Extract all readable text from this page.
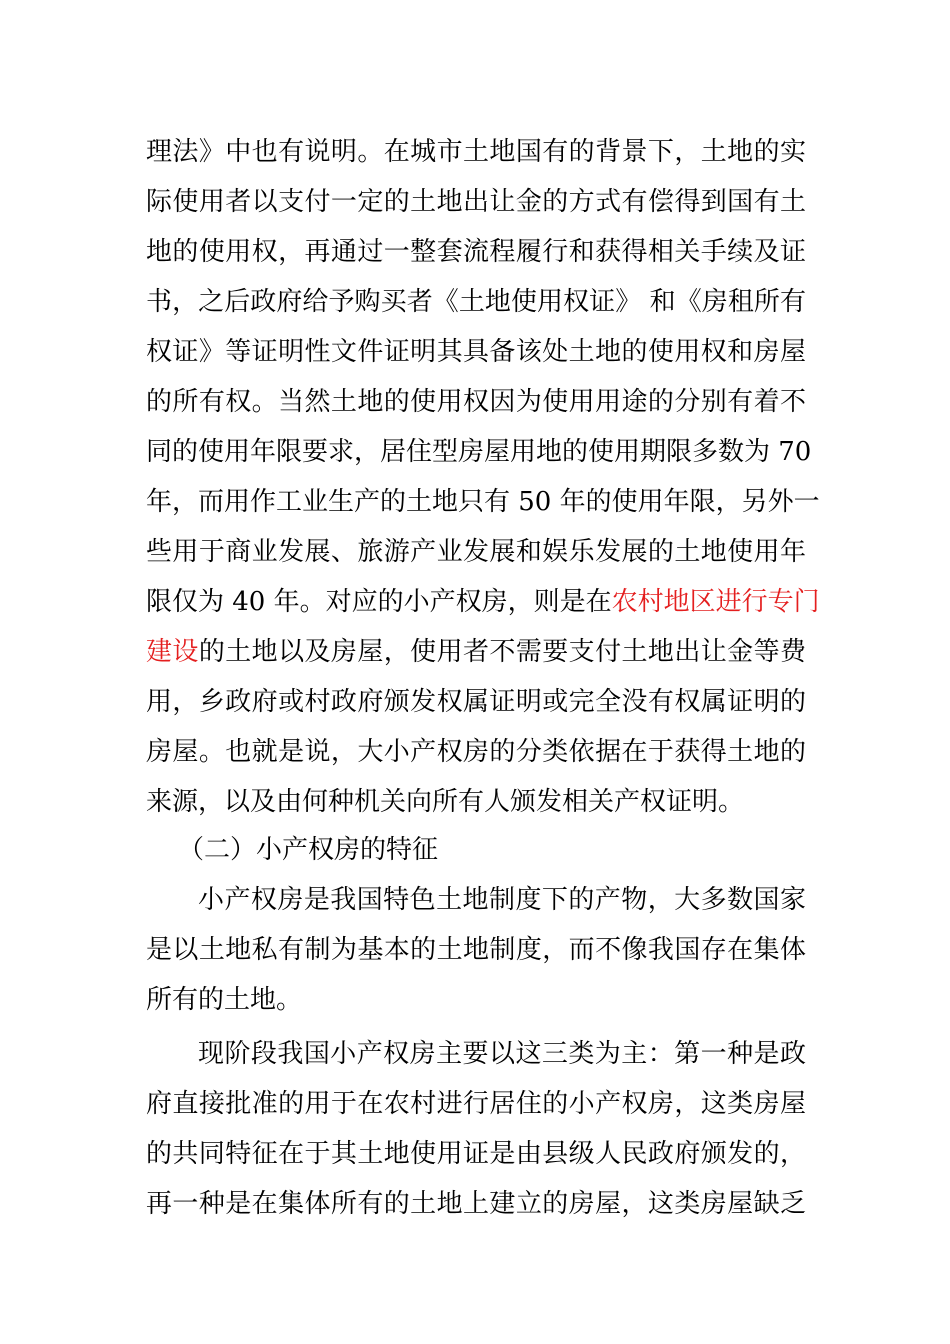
理法》中也有说明。在城市土地国有的背景下，土地的实
际使用者以支付一定的土地出让金的方式有偿得到国有土
地的使用权，再通过一整套流程履行和获得相关手续及证
书，之后政府给予购买者《土地使用权证》 和《房租所有
权证》等证明性文件证明其具备该处土地的使用权和房屋
的所有权。当然土地的使用权因为使用用途的分别有着不
同的使用年限要求，居住型房屋用地的使用期限多数为 70
年，而用作工业生产的土地只有 50 年的使用年限，另外一
些用于商业发展、旅游产业发展和娱乐发展的土地使用年
限仅为 40 年。对应的小产权房，则是在农村地区进行专门
建设的土地以及房屋，使用者不需要支付土地出让金等费
用，乡政府或村政府颁发权属证明或完全没有权属证明的
房屋。也就是说，大小产权房的分类依据在于获得土地的
来源，以及由何种机关向所有人颁发相关产权证明。
（二）小产权房的特征
小产权房是我国特色土地制度下的产物，大多数国家
是以土地私有制为基本的土地制度，而不像我国存在集体
所有的土地。
现阶段我国小产权房主要以这三类为主：第一种是政
府直接批准的用于在农村进行居住的小产权房，这类房屋
的共同特征在于其土地使用证是由县级人民政府颁发的，
再一种是在集体所有的土地上建立的房屋，这类房屋缺乏
